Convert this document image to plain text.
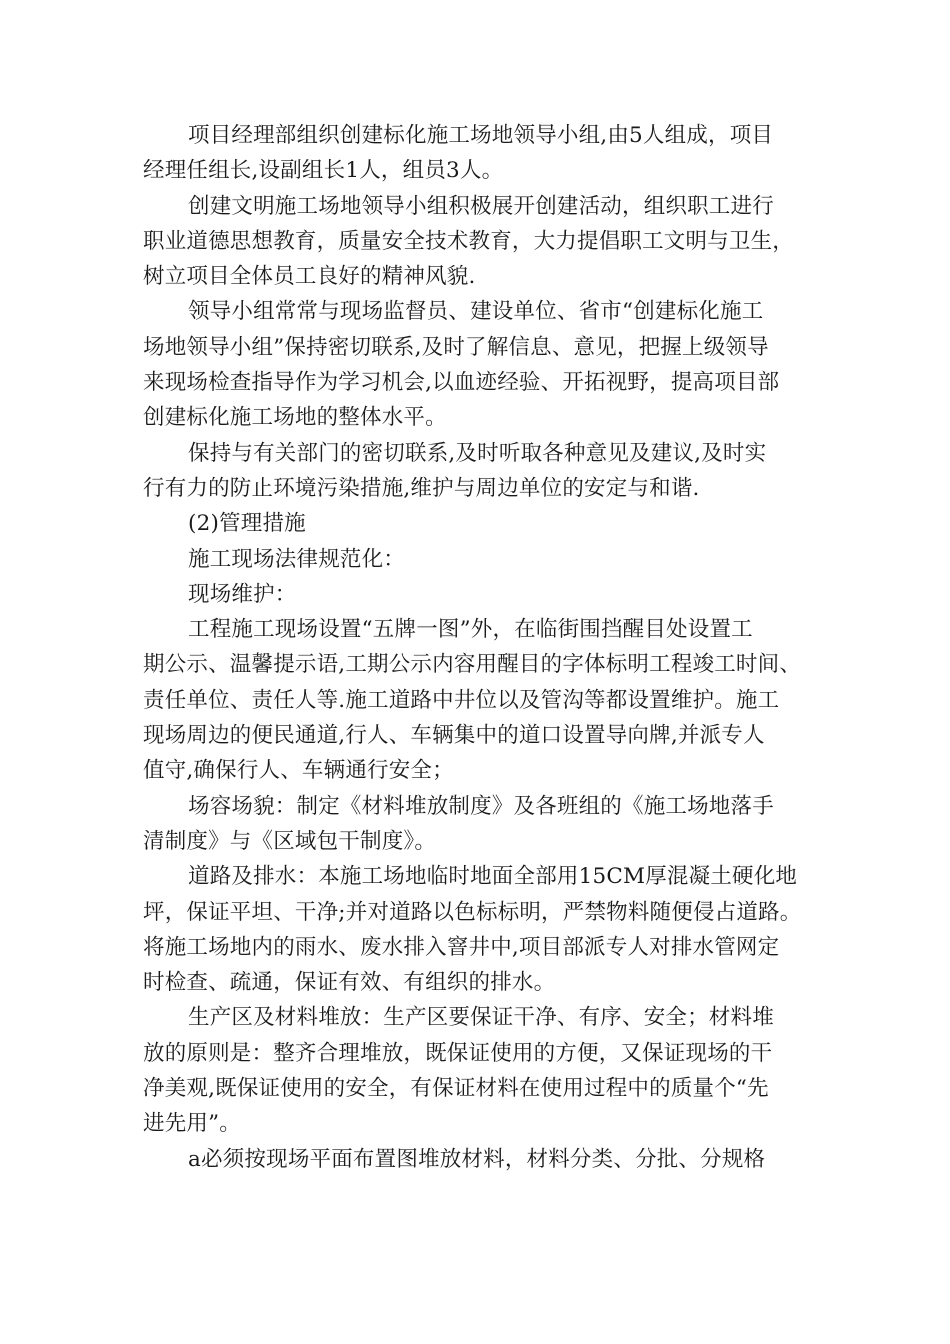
项目经理部组织创建标化施工场地领导小组,由5人组成，项目
经理任组长,设副组长1人，组员3人。
创建文明施工场地领导小组积极展开创建活动，组织职工进行
职业道德思想教育，质量安全技术教育，大力提倡职工文明与卫生，
树立项目全体员工良好的精神风貌.
领导小组常常与现场监督员、建设单位、省市“创建标化施工
场地领导小组”保持密切联系,及时了解信息、意见，把握上级领导
来现场检查指导作为学习机会,以血迹经验、开拓视野，提高项目部
创建标化施工场地的整体水平。
保持与有关部门的密切联系,及时听取各种意见及建议,及时实
行有力的防止环境污染措施,维护与周边单位的安定与和谐.
(2)管理措施
施工现场法律规范化：
现场维护：
工程施工现场设置“五牌一图”外，在临街围挡醒目处设置工
期公示、温馨提示语,工期公示内容用醒目的字体标明工程竣工时间、
责任单位、责任人等.施工道路中井位以及管沟等都设置维护。施工
现场周边的便民通道,行人、车辆集中的道口设置导向牌,并派专人
值守,确保行人、车辆通行安全；
场容场貌：制定《材料堆放制度》及各班组的《施工场地落手
清制度》与《区域包干制度》。
道路及排水：本施工场地临时地面全部用15CM厚混凝土硬化地
坪，保证平坦、干净;并对道路以色标标明，严禁物料随便侵占道路。
将施工场地内的雨水、废水排入窨井中,项目部派专人对排水管网定
时检查、疏通，保证有效、有组织的排水。
生产区及材料堆放：生产区要保证干净、有序、安全；材料堆
放的原则是：整齐合理堆放，既保证使用的方便，又保证现场的干
净美观,既保证使用的安全，有保证材料在使用过程中的质量个“先
进先用”。
a必须按现场平面布置图堆放材料，材料分类、分批、分规格
